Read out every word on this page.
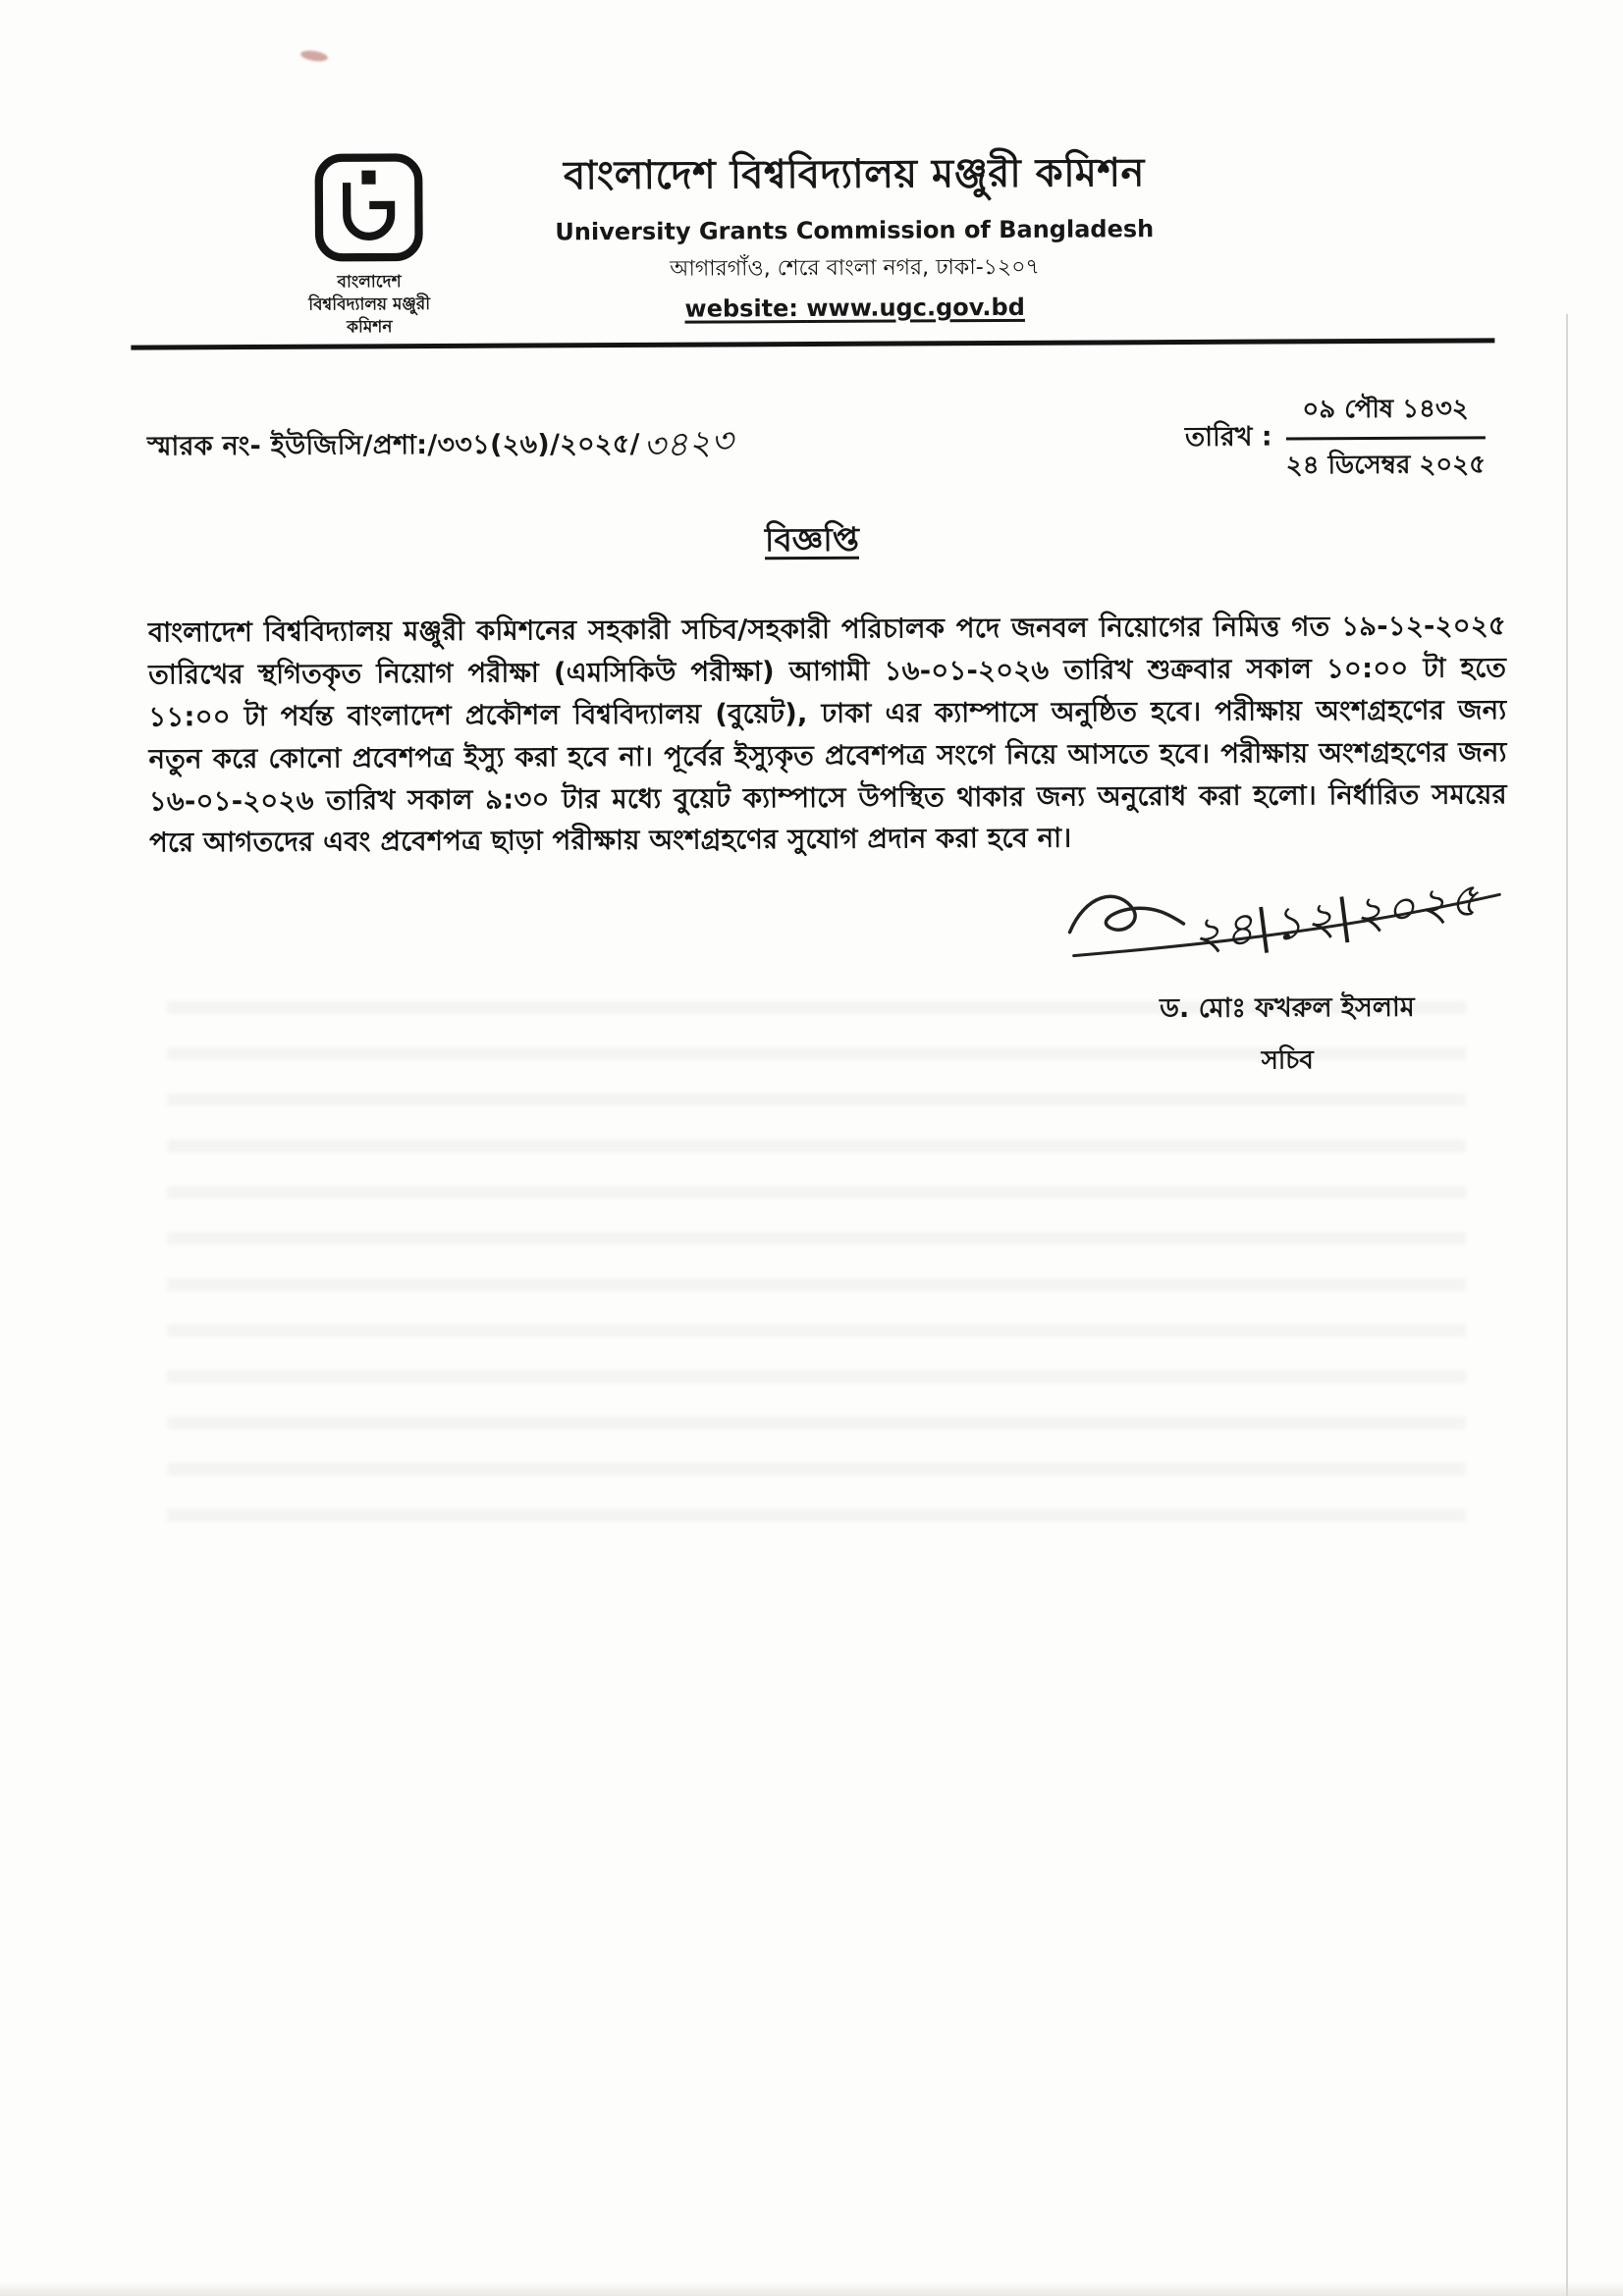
বাংলাদেশ
বিশ্ববিদ্যালয় মঞ্জুরী কমিশন
বাংলাদেশ বিশ্ববিদ্যালয় মঞ্জুরী কমিশন
University Grants Commission of Bangladesh
আগারগাঁও, শেরে বাংলা নগর, ঢাকা-১২০৭
website: www.ugc.gov.bd
স্মারক নং- ইউজিসি/প্রশা:/৩৩১(২৬)/২০২৫/৩৪২৩	তারিখ : $\frac{\text{০৯ পৌষ ১৪৩২}}{\text{২৪ ডিসেম্বর ২০২৫}}$
বিজ্ঞপ্তি

বাংলাদেশ বিশ্ববিদ্যালয় মঞ্জুরী কমিশনের সহকারী সচিব/সহকারী পরিচালক পদে জনবল নিয়োগের নিমিত্ত গত ১৯-১২-২০২৫ তারিখের স্থগিতকৃত নিয়োগ পরীক্ষা (এমসিকিউ পরীক্ষা) আগামী ১৬-০১-২০২৬ তারিখ শুক্রবার সকাল ১০:০০ টা হতে ১১:০০ টা পর্যন্ত বাংলাদেশ প্রকৌশল বিশ্ববিদ্যালয় (বুয়েট), ঢাকা এর ক্যাম্পাসে অনুষ্ঠিত হবে। পরীক্ষায় অংশগ্রহণের জন্য নতুন করে কোনো প্রবেশপত্র ইস্যু করা হবে না। পূর্বের ইস্যুকৃত প্রবেশপত্র সংগে নিয়ে আসতে হবে। পরীক্ষায় অংশগ্রহণের জন্য ১৬-০১-২০২৬ তারিখ সকাল ৯:৩০ টার মধ্যে বুয়েট ক্যাম্পাসে উপস্থিত থাকার জন্য অনুরোধ করা হলো। নির্ধারিত সময়ের পরে আগতদের এবং প্রবেশপত্র ছাড়া পরীক্ষায় অংশগ্রহণের সুযোগ প্রদান করা হবে না।

২৪|১২|২০২৫
ড. মোঃ ফখরুল ইসলাম
সচিব
